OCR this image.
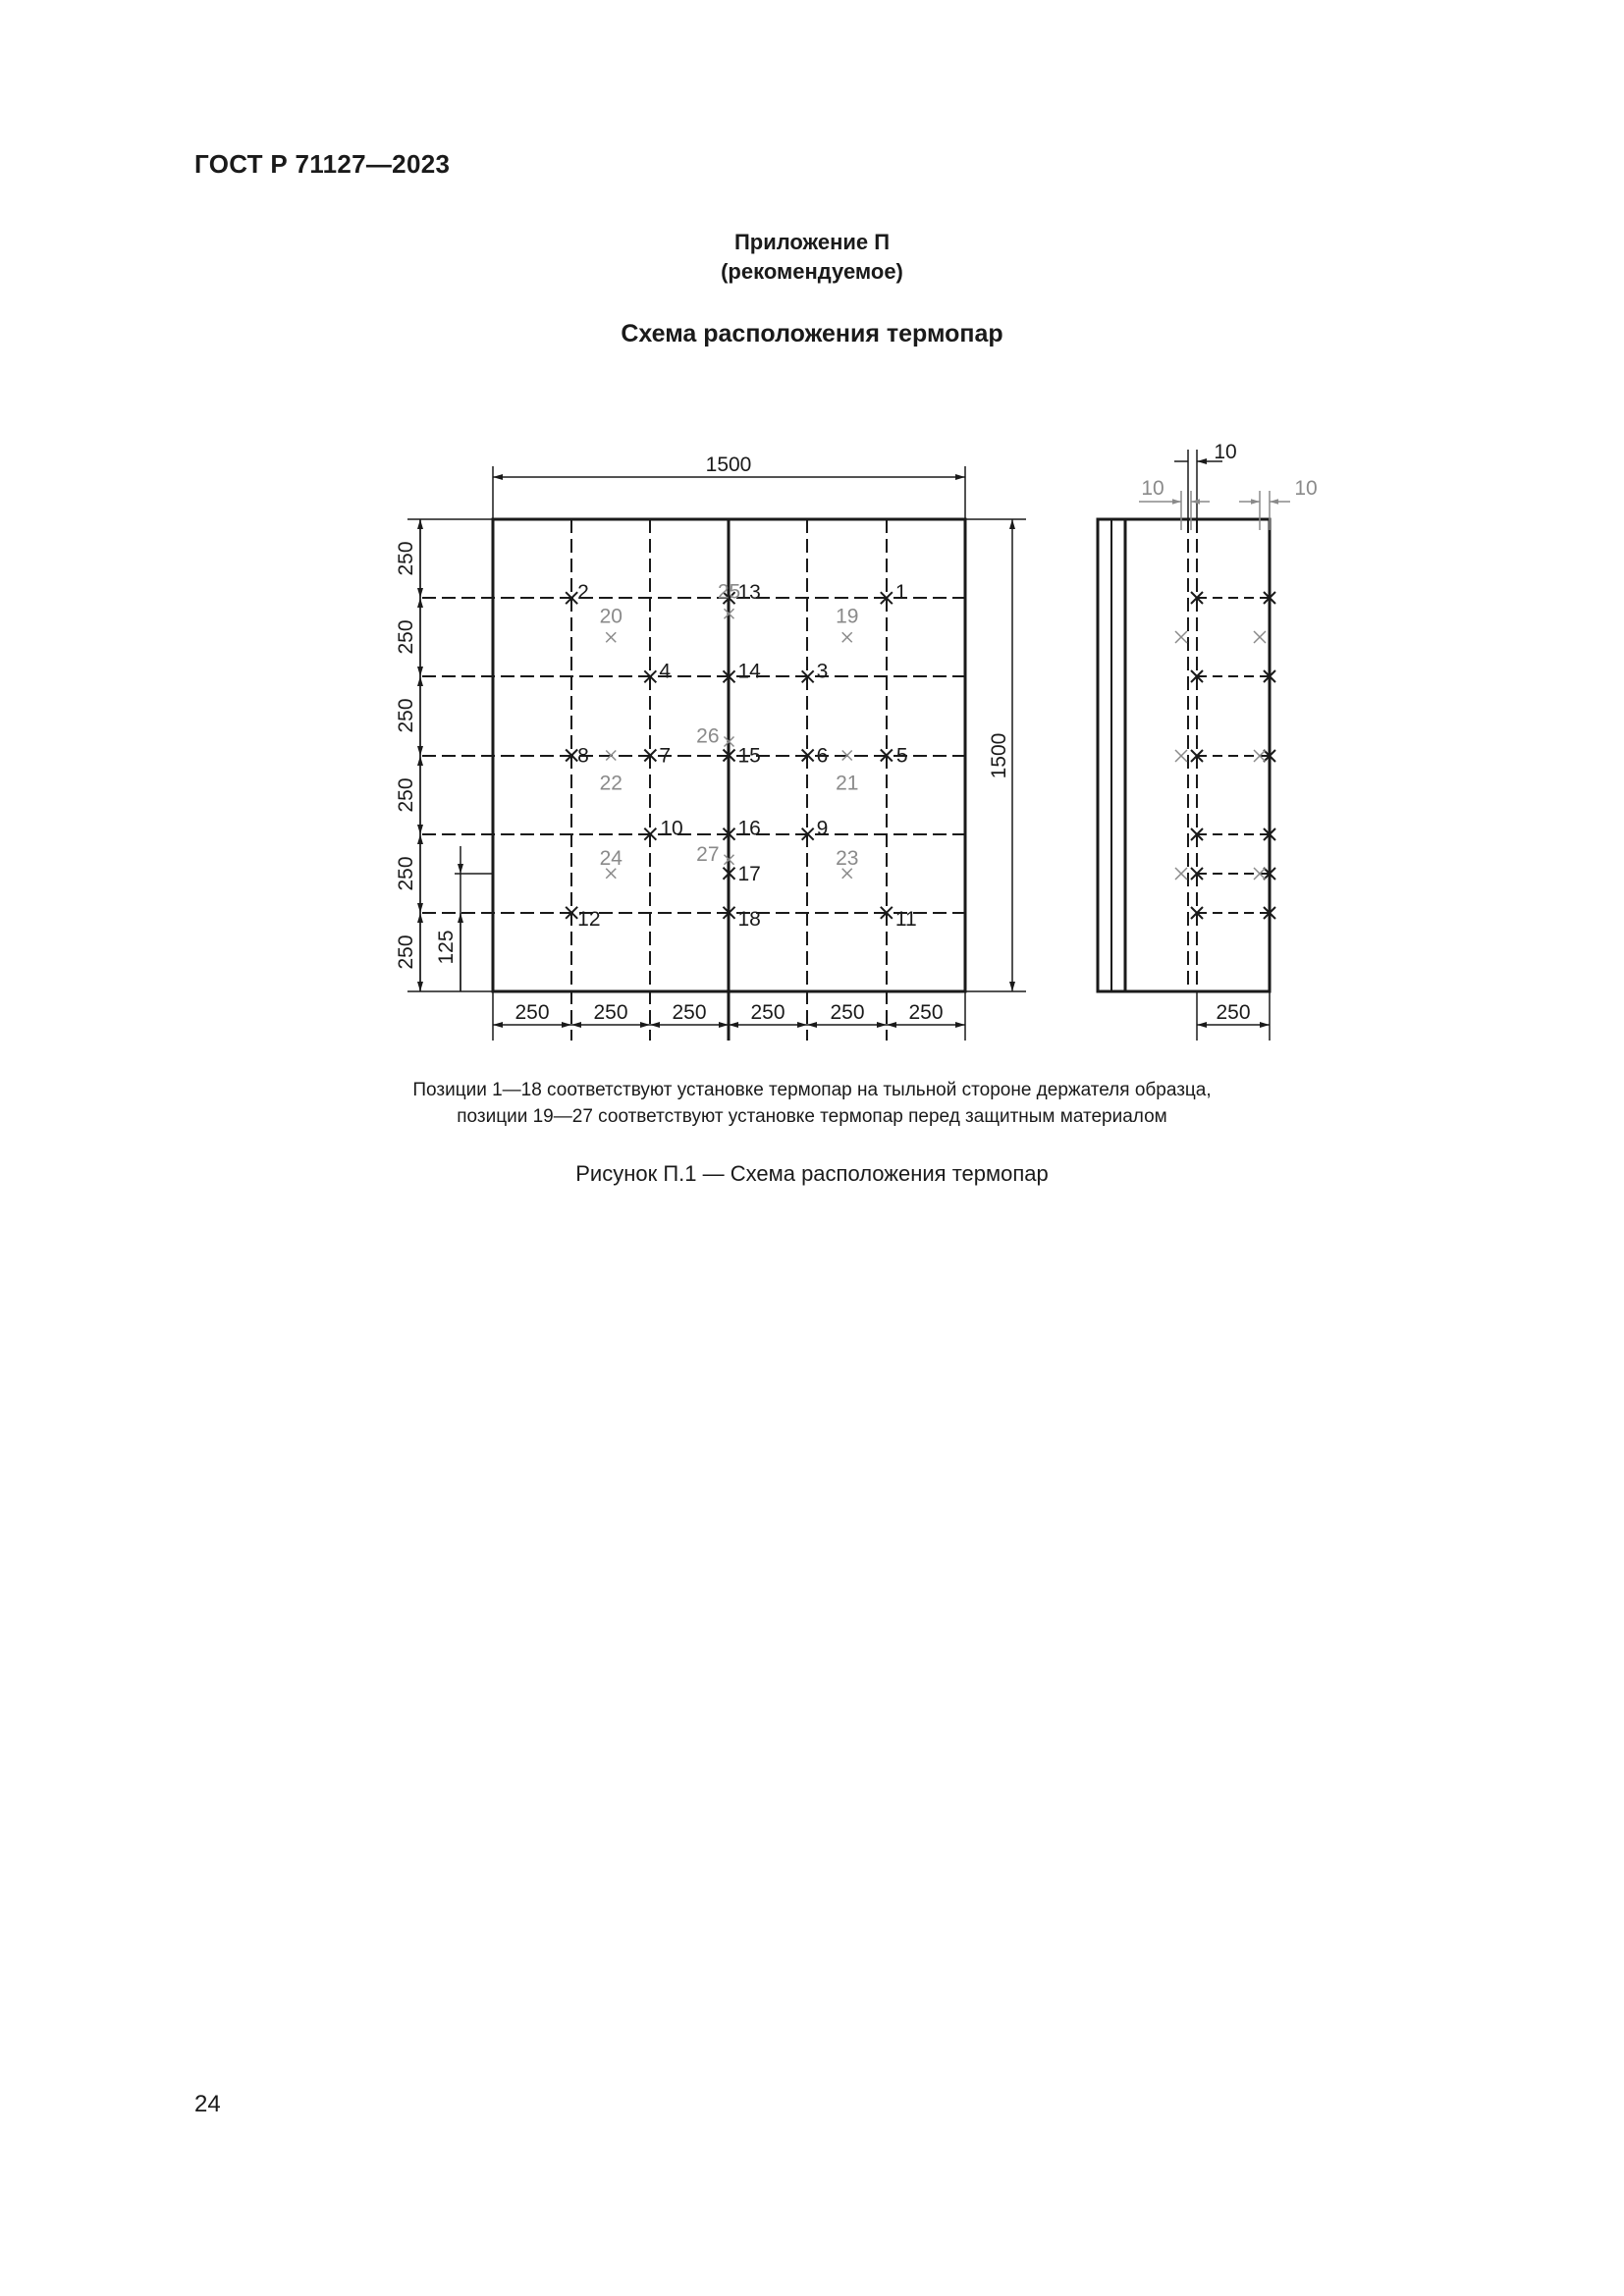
ГОСТ Р 71127—2023
Приложение П
(рекомендуемое)
Схема расположения термопар
1500
1500
250
250
250
250
250
250 125
250 250 250 250 250 250
1
2
3
4
5
6
7
8
9
10
11
12
13
14
15
16
17
18
19
20
21
22
23
24
25
26
27
10
10	10
250
Позиции 1—18 соответствуют установке термопар на тыльной стороне держателя образца,
позиции 19—27 соответствуют установке термопар перед защитным материалом
Рисунок П.1 — Схема расположения термопар
24
